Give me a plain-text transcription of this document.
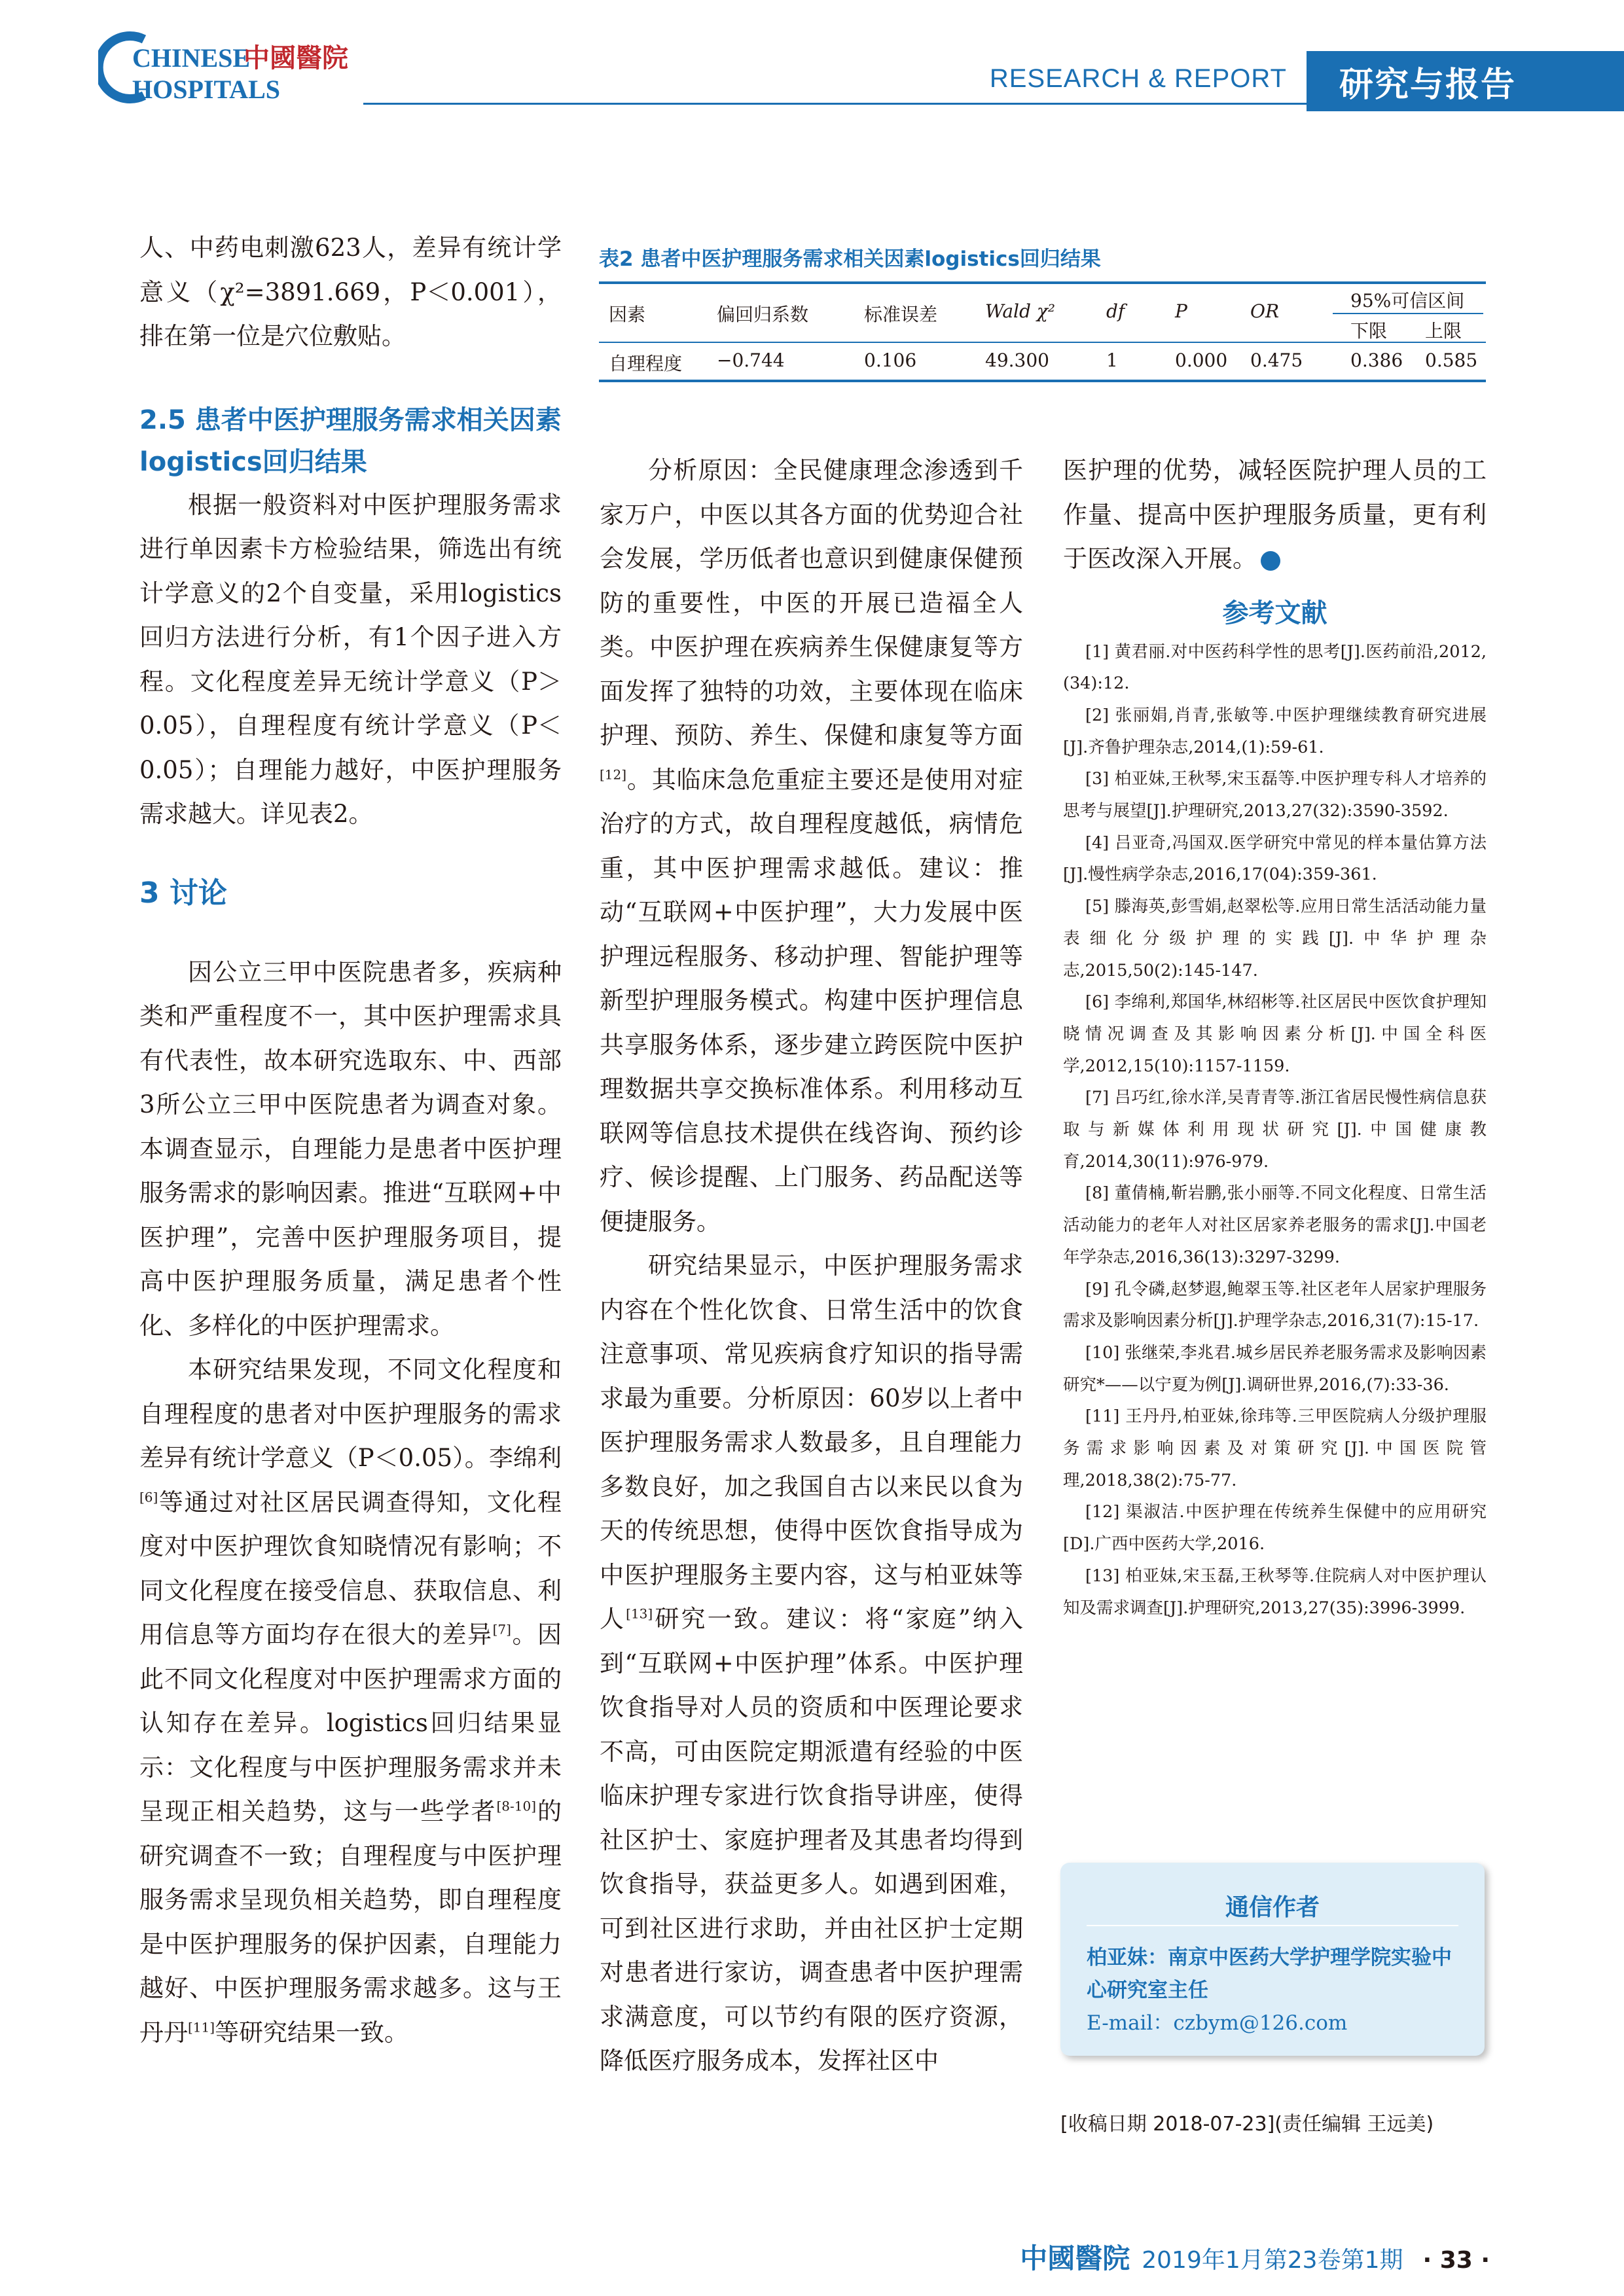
CHINESE
中國醫院
HOSPITALS	RESEARCH & REPORT	研究与报告

人、中药电刺激623人，差异有统计学意义（χ²=3891.669，P＜0.001），排在第一位是穴位敷贴。

2.5 患者中医护理服务需求相关因素logistics回归结果

根据一般资料对中医护理服务需求进行单因素卡方检验结果，筛选出有统计学意义的2个自变量，采用logistics回归方法进行分析，有1个因子进入方程。文化程度差异无统计学意义（P＞0.05），自理程度有统计学意义（P＜0.05）；自理能力越好，中医护理服务需求越大。详见表2。

3 讨论

因公立三甲中医院患者多，疾病种类和严重程度不一，其中医护理需求具有代表性，故本研究选取东、中、西部3所公立三甲中医院患者为调查对象。本调查显示，自理能力是患者中医护理服务需求的影响因素。推进“互联网+中医护理”，完善中医护理服务项目，提高中医护理服务质量，满足患者个性化、多样化的中医护理需求。

本研究结果发现，不同文化程度和自理程度的患者对中医护理服务的需求差异有统计学意义（P＜0.05）。李绵利[6]等通过对社区居民调查得知，文化程度对中医护理饮食知晓情况有影响；不同文化程度在接受信息、获取信息、利用信息等方面均存在很大的差异[7]。因此不同文化程度对中医护理需求方面的认知存在差异。logistics回归结果显示：文化程度与中医护理服务需求并未呈现正相关趋势，这与一些学者[8-10]的研究调查不一致；自理程度与中医护理服务需求呈现负相关趋势，即自理程度是中医护理服务的保护因素，自理能力越好、中医护理服务需求越多。这与王丹丹[11]等研究结果一致。

表2 患者中医护理服务需求相关因素logistics回归结果
因素	偏回归系数	标准误差	Wald χ²	df	P	OR	95%可信区间
下限 上限
自理程度 −0.744	0.106	49.300	1	0.000 0.475	0.386 0.585

分析原因：全民健康理念渗透到千家万户，中医以其各方面的优势迎合社会发展，学历低者也意识到健康保健预防的重要性，中医的开展已造福全人类。中医护理在疾病养生保健康复等方面发挥了独特的功效，主要体现在临床护理、预防、养生、保健和康复等方面[12]。其临床急危重症主要还是使用对症治疗的方式，故自理程度越低，病情危重，其中医护理需求越低。建议：推动“互联网+中医护理”，大力发展中医护理远程服务、移动护理、智能护理等新型护理服务模式。构建中医护理信息共享服务体系，逐步建立跨医院中医护理数据共享交换标准体系。利用移动互联网等信息技术提供在线咨询、预约诊疗、候诊提醒、上门服务、药品配送等便捷服务。

研究结果显示，中医护理服务需求内容在个性化饮食、日常生活中的饮食注意事项、常见疾病食疗知识的指导需求最为重要。分析原因：60岁以上者中医护理服务需求人数最多，且自理能力多数良好，加之我国自古以来民以食为天的传统思想，使得中医饮食指导成为中医护理服务主要内容，这与柏亚妹等人[13]研究一致。建议：将“家庭”纳入到“互联网+中医护理”体系。中医护理饮食指导对人员的资质和中医理论要求不高，可由医院定期派遣有经验的中医临床护理专家进行饮食指导讲座，使得社区护士、家庭护理者及其患者均得到饮食指导，获益更多人。如遇到困难，可到社区进行求助，并由社区护士定期对患者进行家访，调查患者中医护理需求满意度，可以节约有限的医疗资源，降低医疗服务成本，发挥社区中

医护理的优势，减轻医院护理人员的工作量、提高中医护理服务质量，更有利于医改深入开展。

参考文献
[1] 黄君丽.对中医药科学性的思考[J].医药前沿,2012,(34):12.
[2] 张丽娟,肖青,张敏等.中医护理继续教育研究进展[J].齐鲁护理杂志,2014,(1):59-61.
[3] 柏亚妹,王秋琴,宋玉磊等.中医护理专科人才培养的思考与展望[J].护理研究,2013,27(32):3590-3592.
[4] 吕亚奇,冯国双.医学研究中常见的样本量估算方法[J].慢性病学杂志,2016,17(04):359-361.
[5] 滕海英,彭雪娟,赵翠松等.应用日常生活活动能力量表细化分级护理的实践[J].中华护理杂志,2015,50(2):145-147.
[6] 李绵利,郑国华,林绍彬等.社区居民中医饮食护理知晓情况调查及其影响因素分析[J].中国全科医学,2012,15(10):1157-1159.
[7] 吕巧红,徐水洋,吴青青等.浙江省居民慢性病信息获取与新媒体利用现状研究[J].中国健康教育,2014,30(11):976-979.
[8] 董倩楠,靳岩鹏,张小丽等.不同文化程度、日常生活活动能力的老年人对社区居家养老服务的需求[J].中国老年学杂志,2016,36(13):3297-3299.
[9] 孔令磷,赵梦遐,鲍翠玉等.社区老年人居家护理服务需求及影响因素分析[J].护理学杂志,2016,31(7):15-17.
[10] 张继荣,李兆君.城乡居民养老服务需求及影响因素研究*——以宁夏为例[J].调研世界,2016,(7):33-36.
[11] 王丹丹,柏亚妹,徐玮等.三甲医院病人分级护理服务需求影响因素及对策研究[J].中国医院管理,2018,38(2):75-77.
[12] 渠淑洁.中医护理在传统养生保健中的应用研究[D].广西中医药大学,2016.
[13] 柏亚妹,宋玉磊,王秋琴等.住院病人对中医护理认知及需求调查[J].护理研究,2013,27(35):3996-3999.
通信作者
柏亚妹：南京中医药大学护理学院实验中心研究室主任
E-mail：czbym@126.com
[收稿日期 2018-07-23](责任编辑 王远美)
中國醫院 2019年1月第23卷第1期 · 33 ·
